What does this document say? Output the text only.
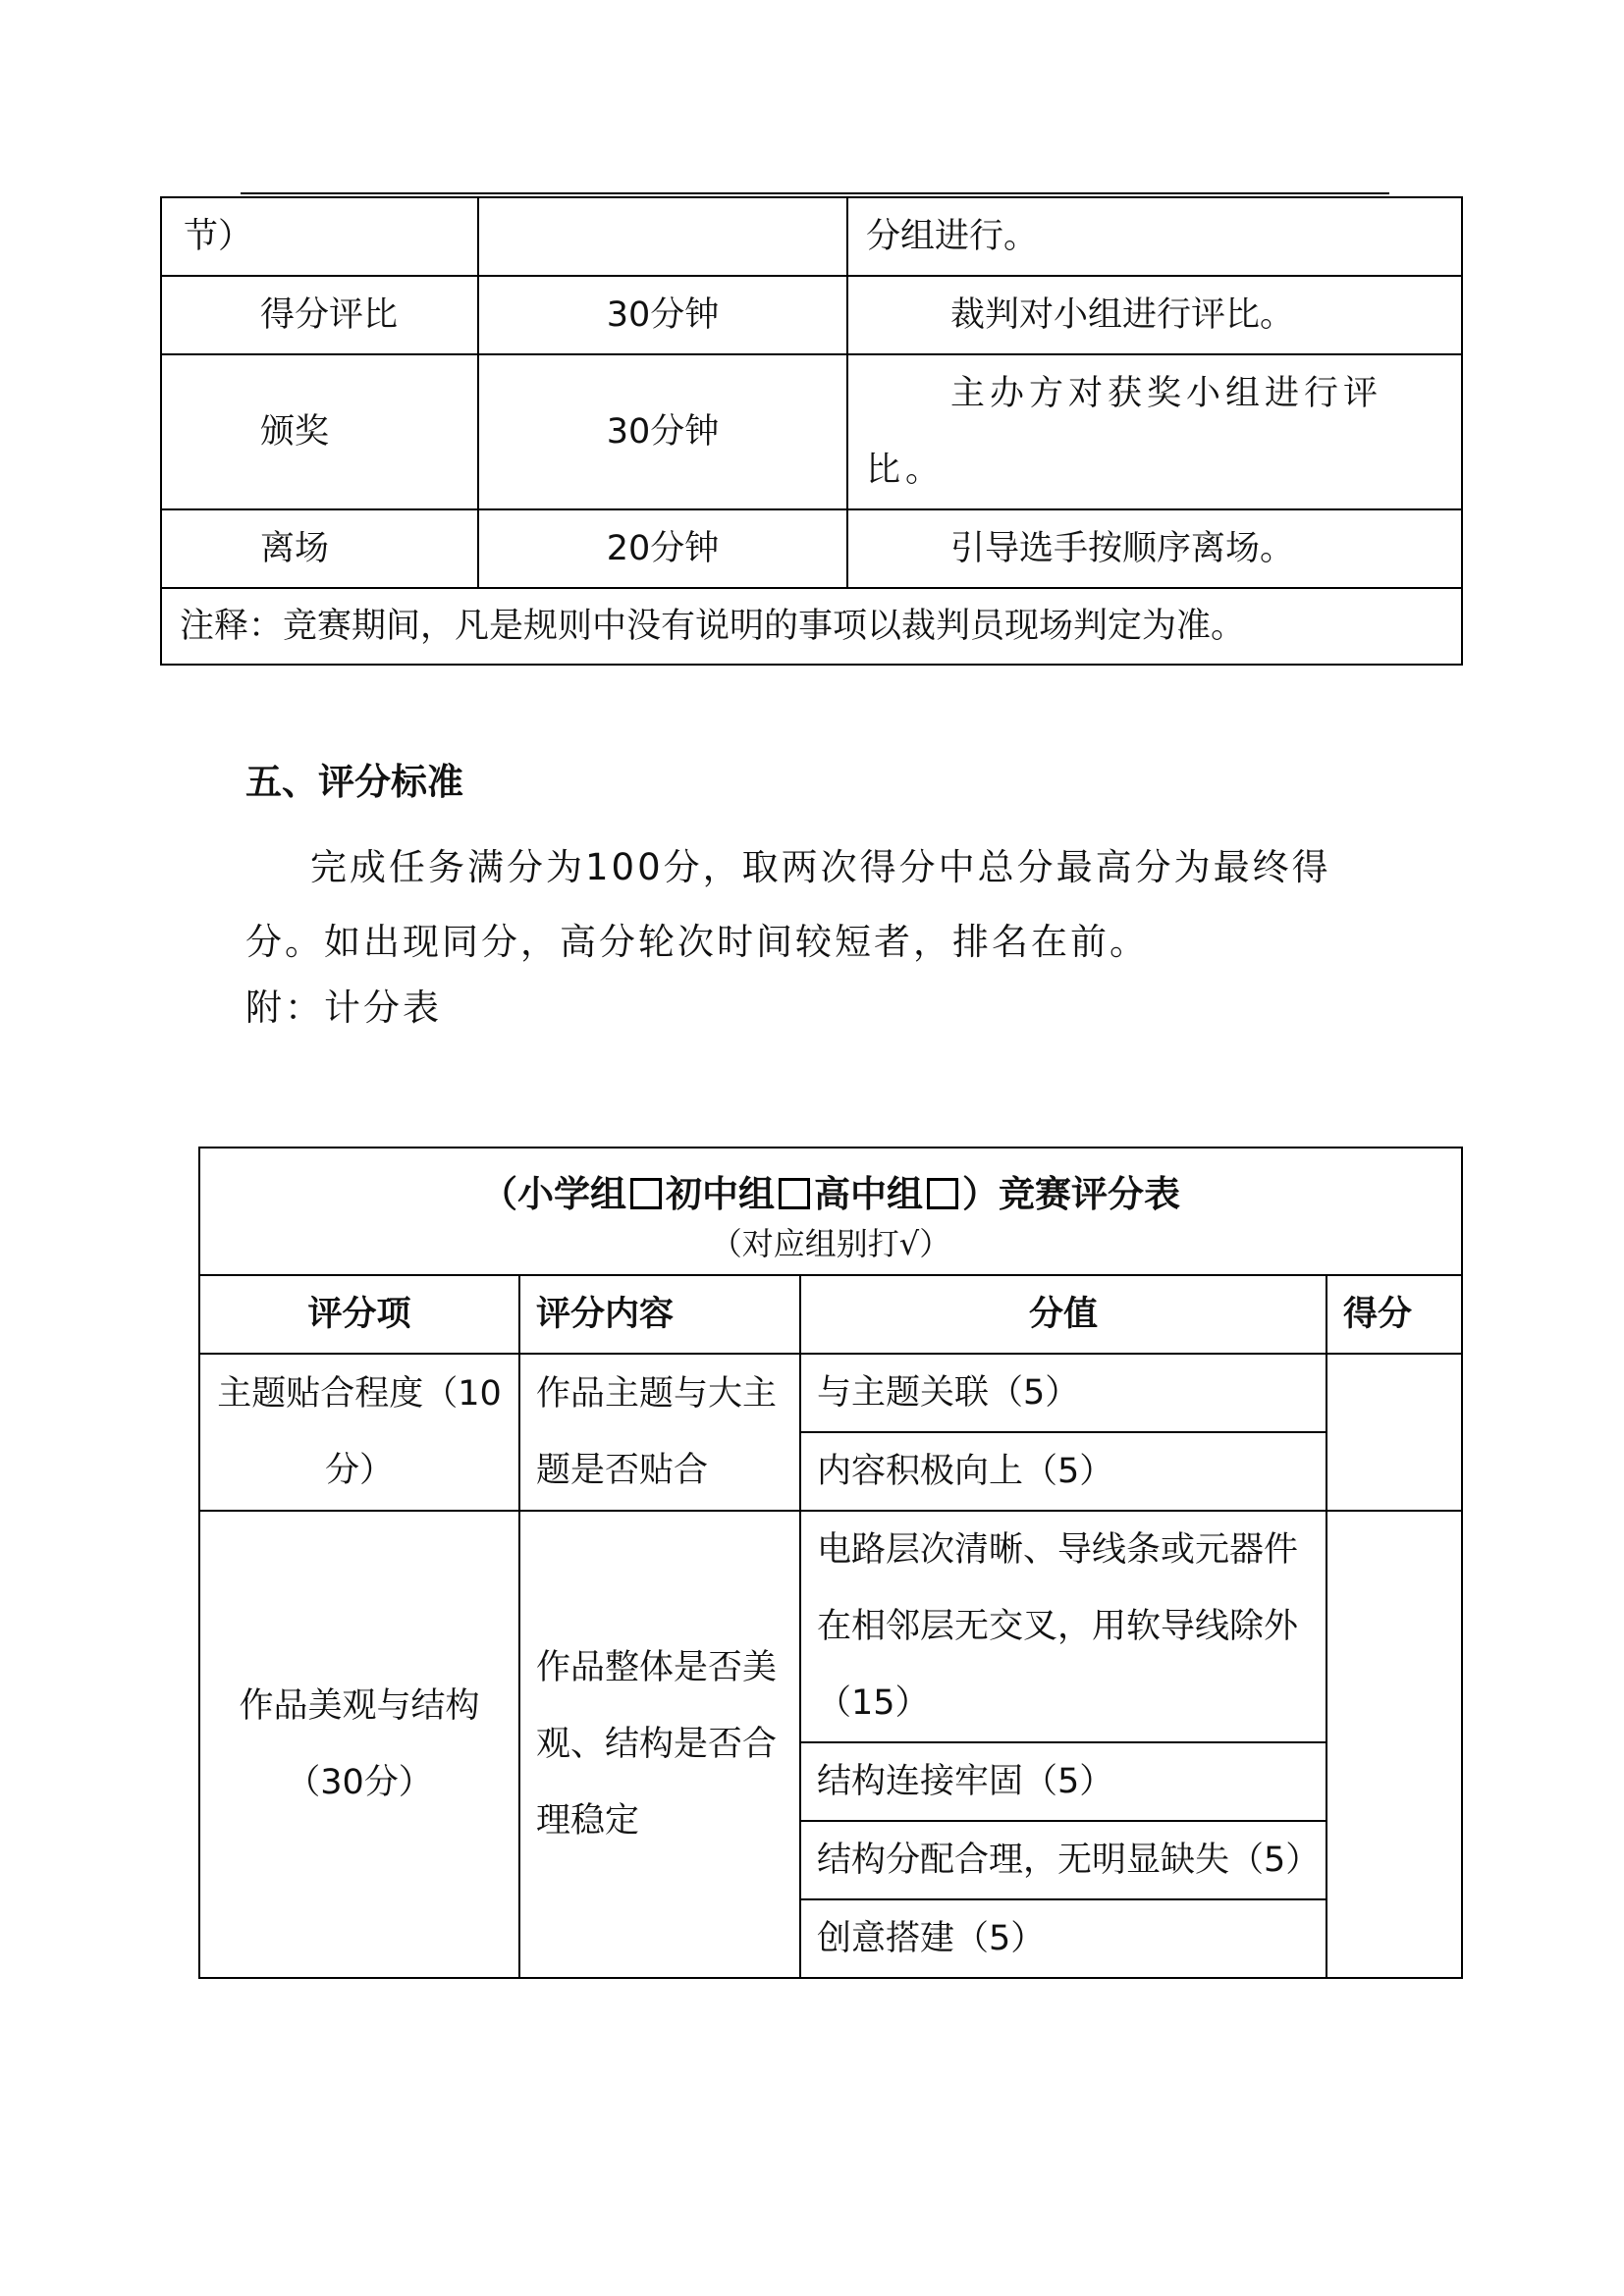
节）		分组进行。
得分评比	30分钟	裁判对小组进行评比。
颁奖	30分钟	主办方对获奖小组进行评比。
离场	20分钟	引导选手按顺序离场。
注释：竞赛期间，凡是规则中没有说明的事项以裁判员现场判定为准。		
五、评分标准
完成任务满分为100分，取两次得分中总分最高分为最终得
分。如出现同分，高分轮次时间较短者，排名在前。
附：计分表
（小学组 初中组 高中组 ）竞赛评分表
（对应组别打√）			

评分项	评分内容	分值	得分
主题贴合程度（10分）	作品主题与大主题是否贴合	与主题关联（5）	
		内容积极向上（5）	
作品美观与结构（30分）	作品整体是否美观、结构是否合理稳定	电路层次清晰、导线条或元器件在相邻层无交叉，用软导线除外（15）	
		结构连接牢固（5）	
		结构分配合理，无明显缺失（5）	
		创意搭建（5）	
